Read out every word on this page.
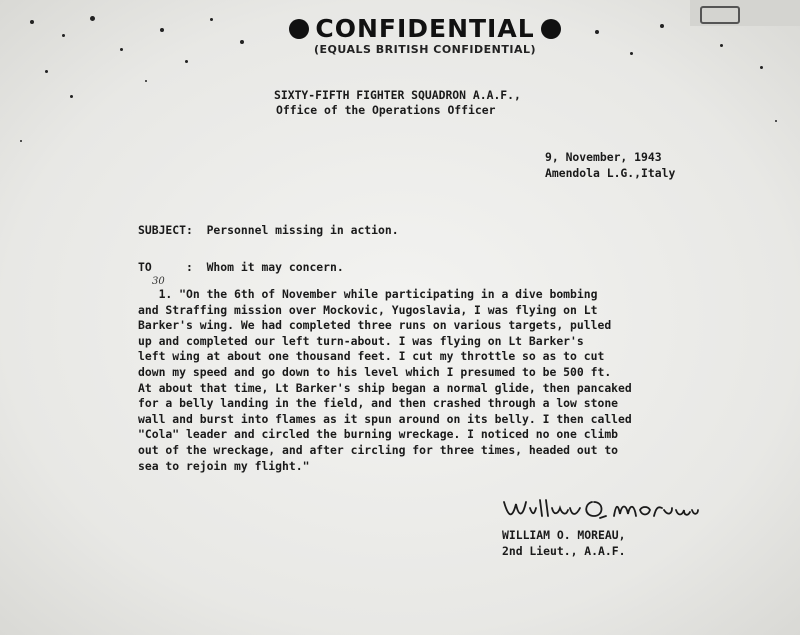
CONFIDENTIAL
(EQUALS BRITISH CONFIDENTIAL)
SIXTY-FIFTH FIGHTER SQUADRON A.A.F.,
Office of the Operations Officer
9, November, 1943
Amendola L.G.,Italy
SUBJECT:  Personnel missing in action.
TO     :  Whom it may concern.
30
1. "On the 6th of November while participating in a dive bombing
and Straffing mission over Mockovic, Yugoslavia, I was flying on Lt
Barker's wing. We had completed three runs on various targets, pulled
up and completed our left turn-about. I was flying on Lt Barker's
left wing at about one thousand feet. I cut my throttle so as to cut
down my speed and go down to his level which I presumed to be 500 ft.
At about that time, Lt Barker's ship began a normal glide, then pancaked
for a belly landing in the field, and then crashed through a low stone
wall and burst into flames as it spun around on its belly. I then called
"Cola" leader and circled the burning wreckage. I noticed no one climb
out of the wreckage, and after circling for three times, headed out to
sea to rejoin my flight."
WILLIAM O. MOREAU,
2nd Lieut., A.A.F.
